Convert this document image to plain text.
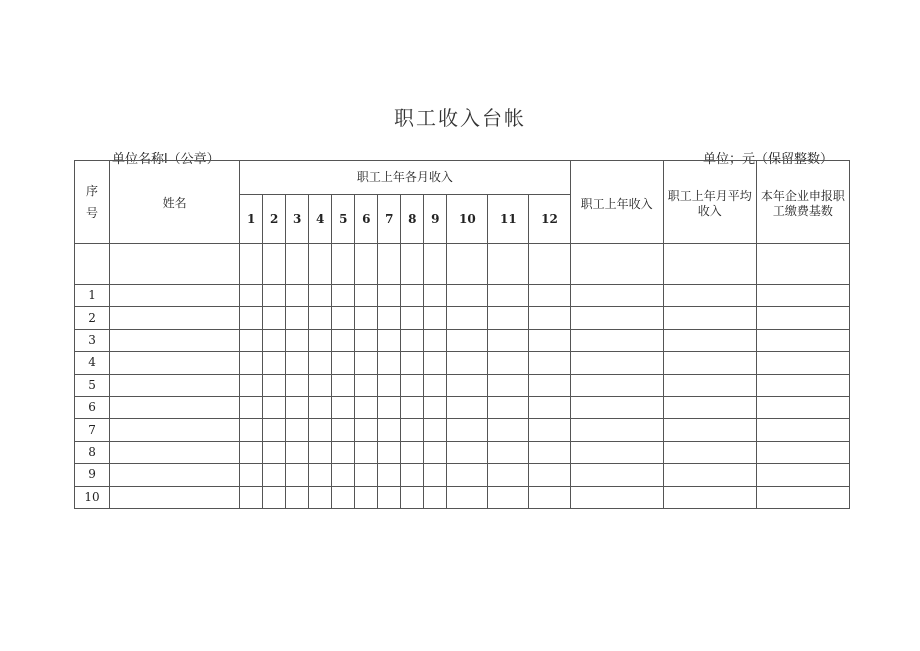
职工收入台帐
单位名称l（公章）	单位；元（保留整数）
序号	姓名	职工上年各月收入												职工上年收入	职工上年月平均收入	本年企业申报职工缴费基数
		1	2	3	4	5	6	7	8	9	10	11	12			

1																
2																
3																
4																
5																
6																
7																
8																
9																
10																
